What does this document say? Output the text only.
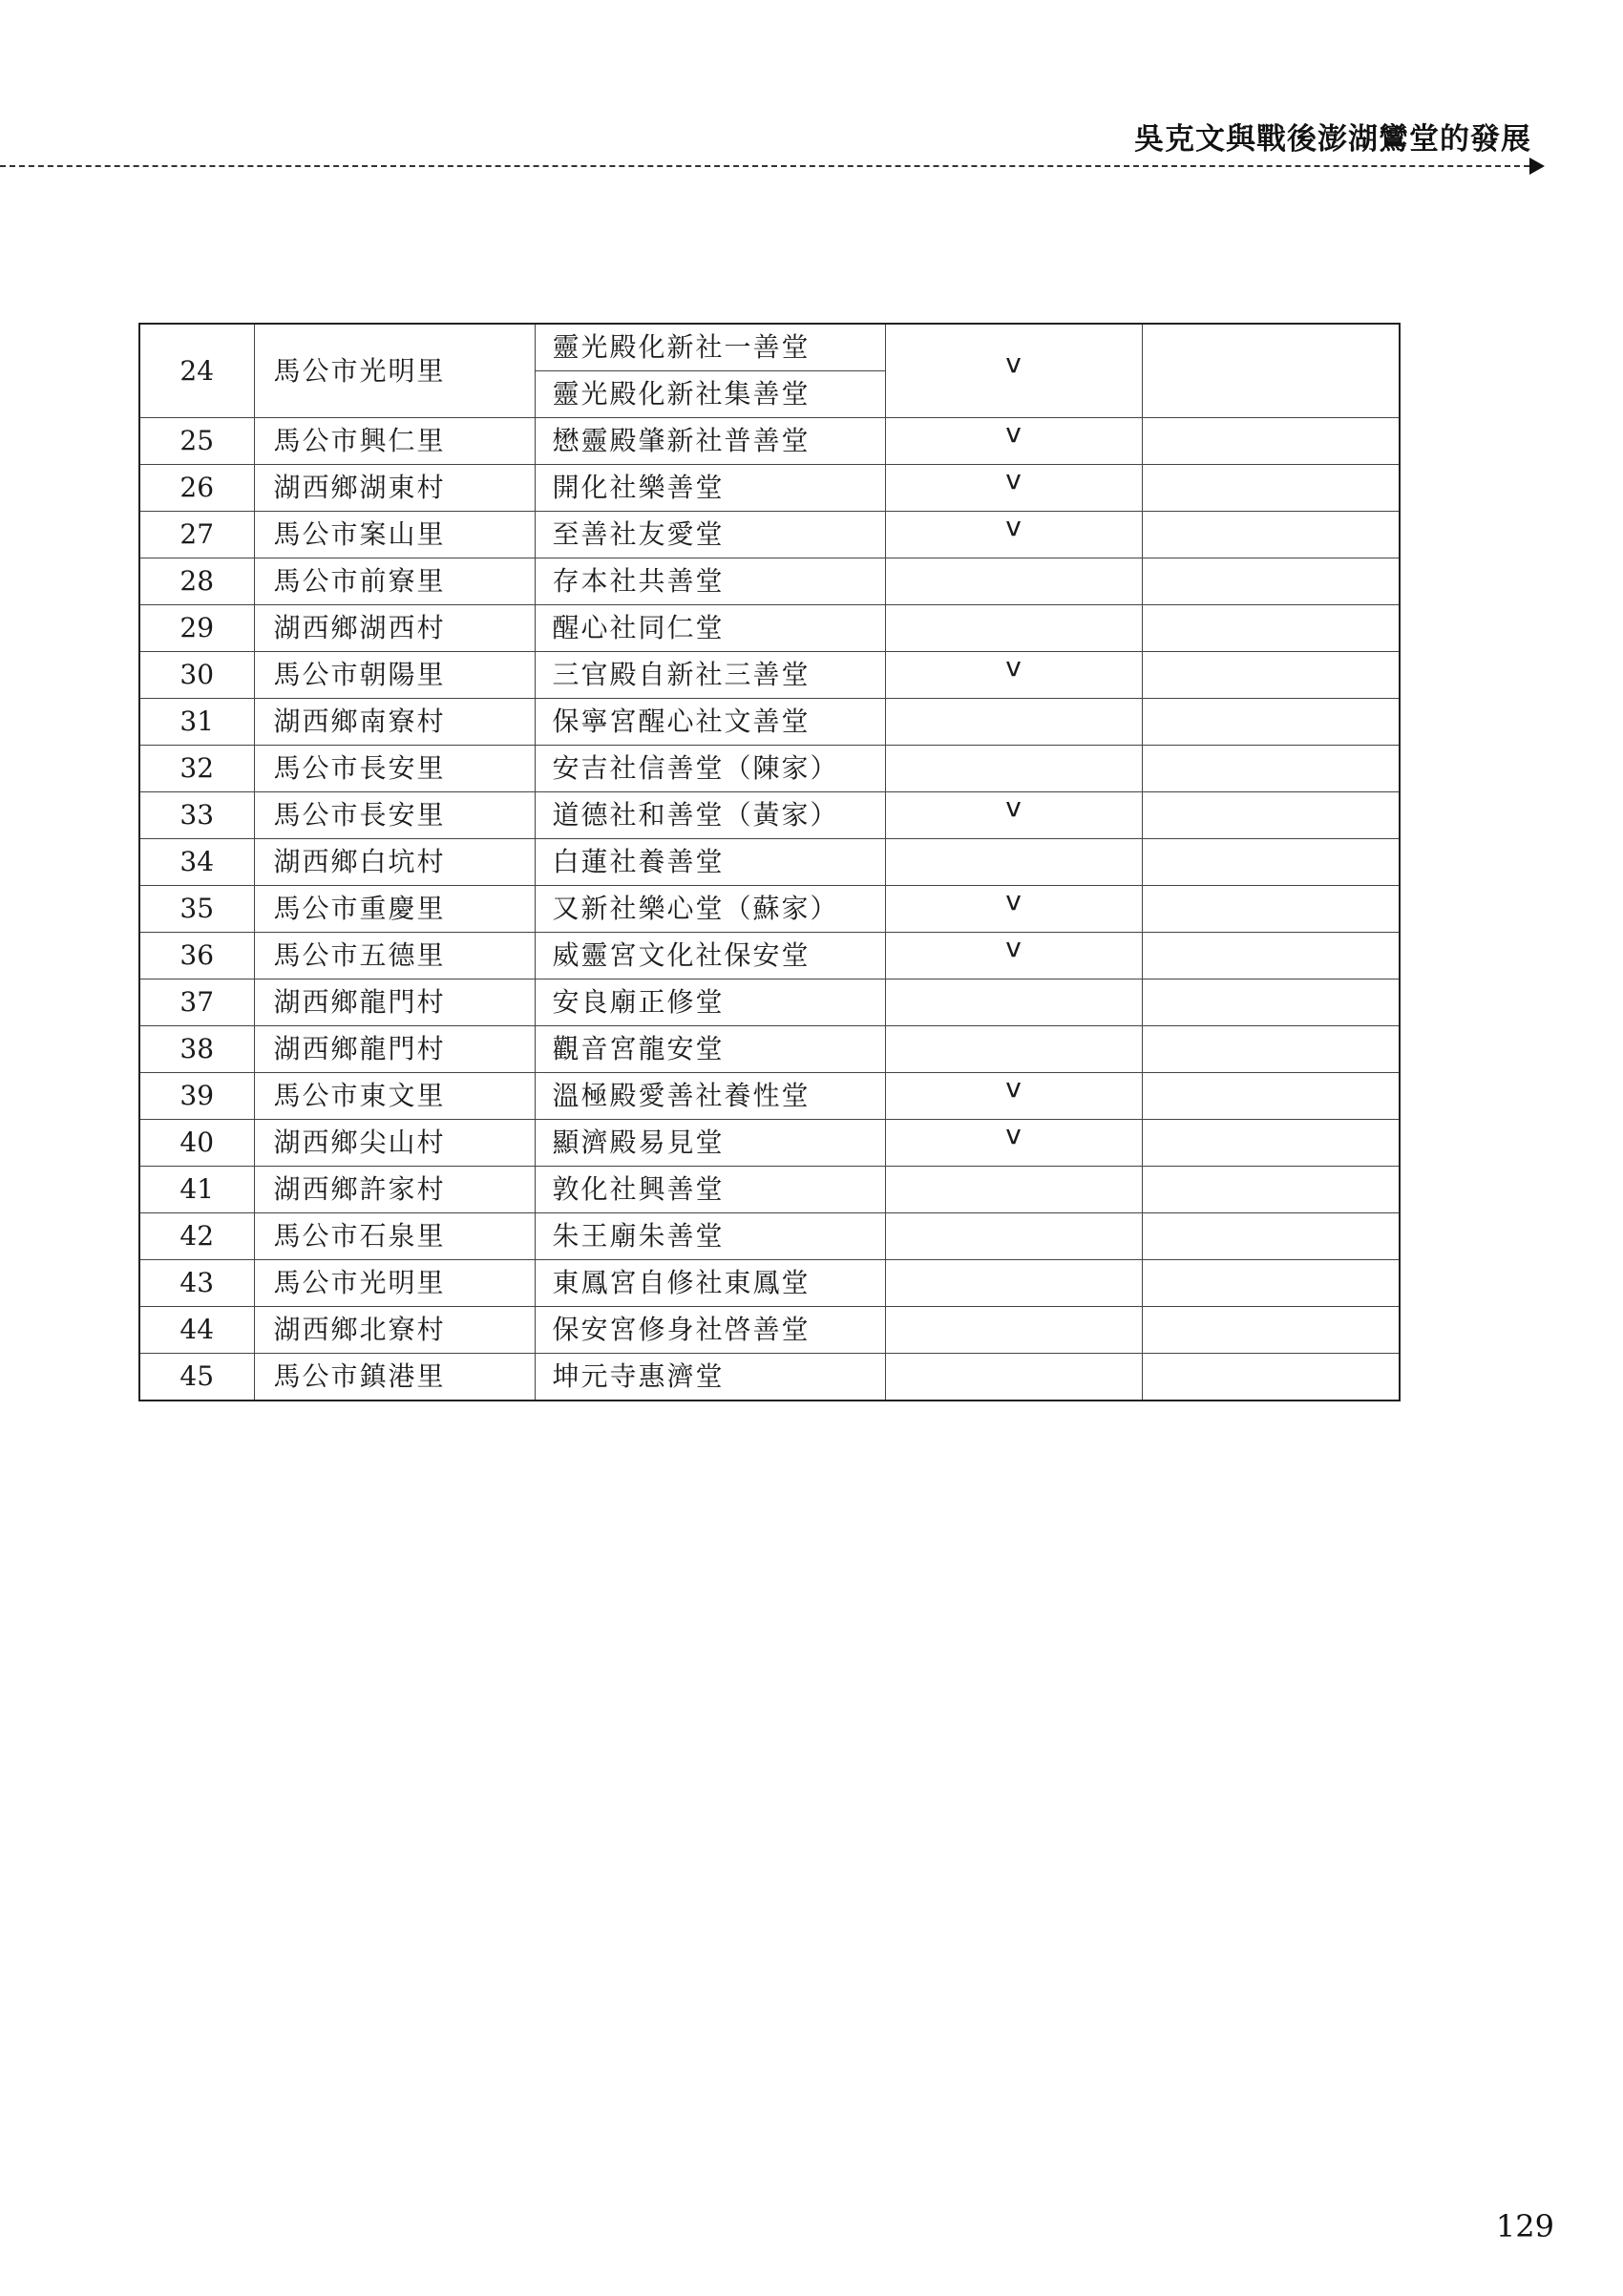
吳克文與戰後澎湖鸞堂的發展
24	馬公市光明里	靈光殿化新社一善堂	v	
		靈光殿化新社集善堂		
25	馬公市興仁里	懋靈殿肇新社普善堂	v	
26	湖西鄉湖東村	開化社樂善堂	v	
27	馬公市案山里	至善社友愛堂	v	
28	馬公市前寮里	存本社共善堂		
29	湖西鄉湖西村	醒心社同仁堂		
30	馬公市朝陽里	三官殿自新社三善堂	v	
31	湖西鄉南寮村	保寧宮醒心社文善堂		
32	馬公市長安里	安吉社信善堂（陳家）		
33	馬公市長安里	道德社和善堂（黃家）	v	
34	湖西鄉白坑村	白蓮社養善堂		
35	馬公市重慶里	又新社樂心堂（蘇家）	v	
36	馬公市五德里	威靈宮文化社保安堂	v	
37	湖西鄉龍門村	安良廟正修堂		
38	湖西鄉龍門村	觀音宮龍安堂		
39	馬公市東文里	溫極殿愛善社養性堂	v	
40	湖西鄉尖山村	顯濟殿易見堂	v	
41	湖西鄉許家村	敦化社興善堂		
42	馬公市石泉里	朱王廟朱善堂		
43	馬公市光明里	東鳳宮自修社東鳳堂		
44	湖西鄉北寮村	保安宮修身社啓善堂		
45	馬公市鎮港里	坤元寺惠濟堂		
129
